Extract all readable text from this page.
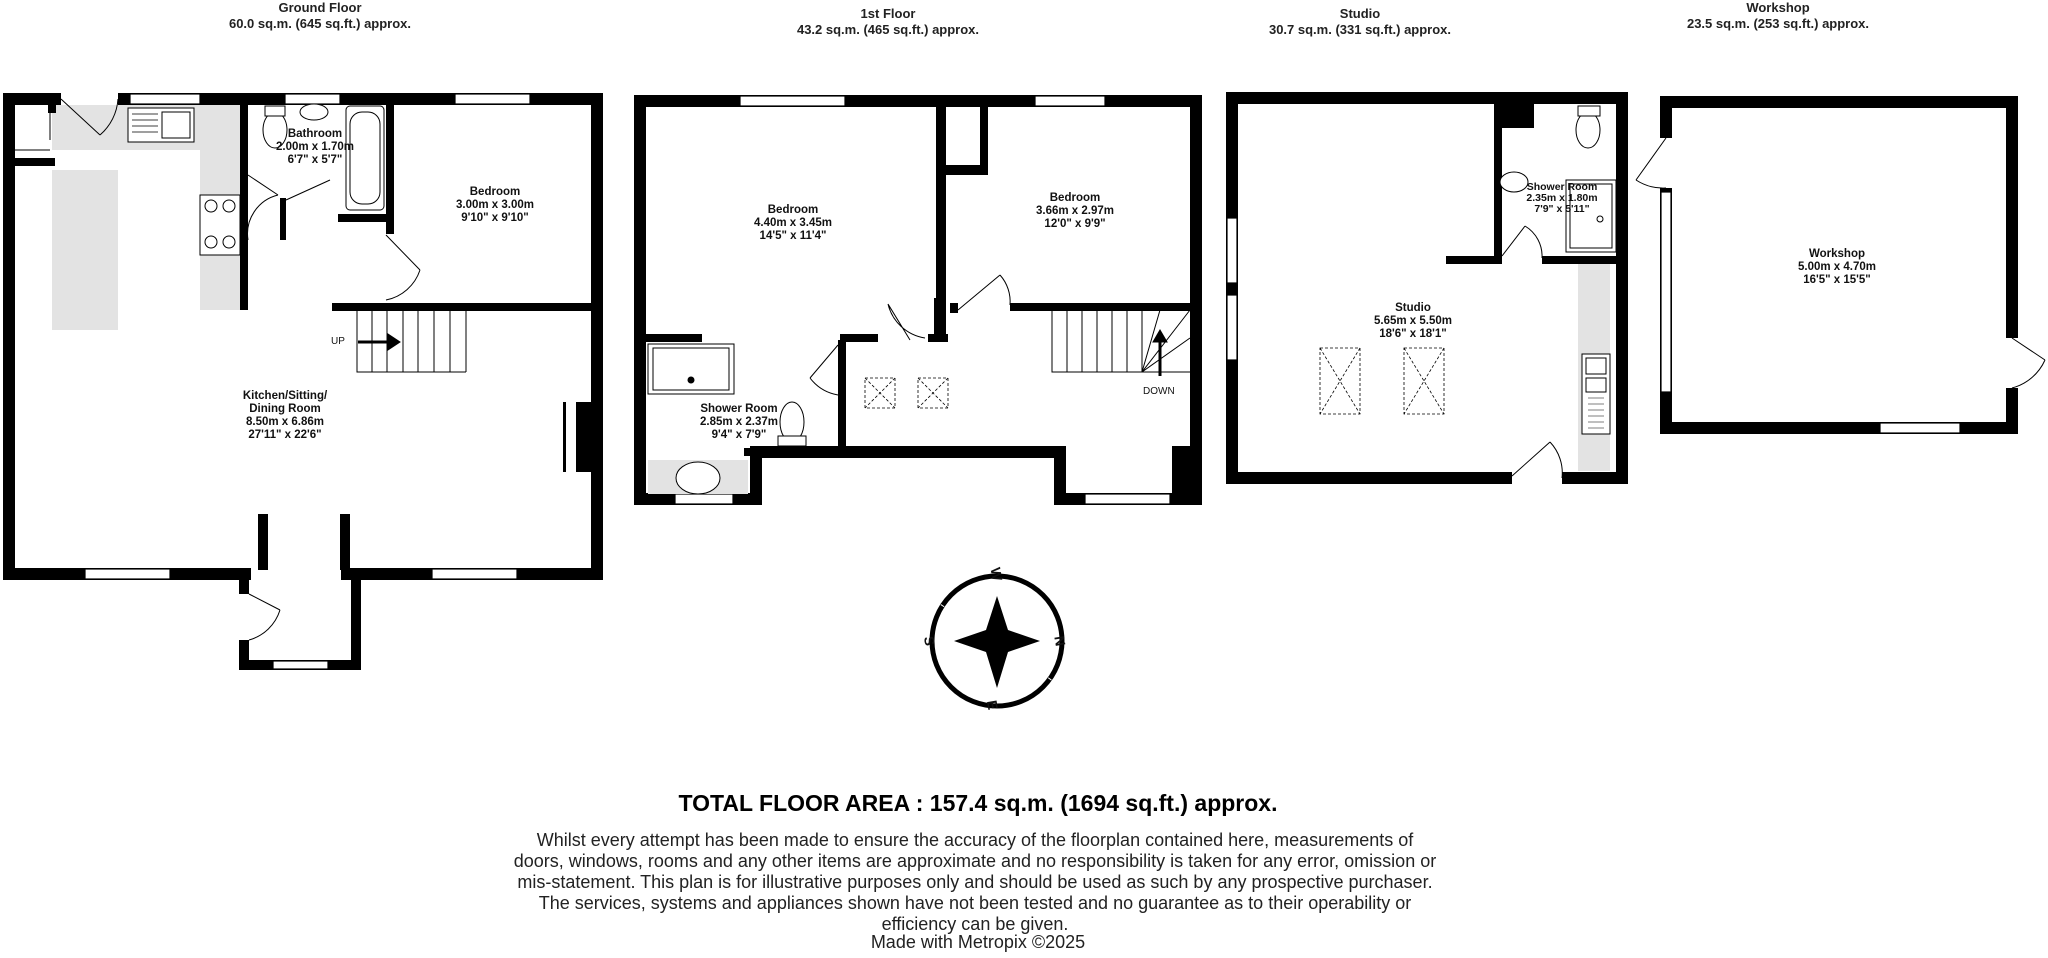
Ground Floor
60.0 sq.m. (645 sq.ft.) approx.
1st Floor
43.2 sq.m. (465 sq.ft.) approx.
Studio
30.7 sq.m. (331 sq.ft.) approx.
Workshop
23.5 sq.m. (253 sq.ft.) approx.
Bathroom
2.00m x 1.70m
6'7" x 5'7"
Bedroom
3.00m x 3.00m
9'10" x 9'10"
Kitchen/Sitting/
Dining Room
8.50m x 6.86m
27'11" x 22'6"
Bedroom
4.40m x 3.45m
14'5" x 11'4"
Bedroom
3.66m x 2.97m
12'0" x 9'9"
Shower Room
2.85m x 2.37m
9'4" x 7'9"
Studio
5.65m x 5.50m
18'6" x 18'1"
Shower Room
2.35m x 1.80m
7'9" x 5'11"
Workshop
5.00m x 4.70m
16'5" x 15'5"
UP
DOWN
W
N
E
S
TOTAL FLOOR AREA : 157.4 sq.m. (1694 sq.ft.) approx.
Whilst every attempt has been made to ensure the accuracy of the floorplan contained here, measurements of doors, windows, rooms and any other items are approximate and no responsibility is taken for any error, omission or mis-statement. This plan is for illustrative purposes only and should be used as such by any prospective purchaser. The services, systems and appliances shown have not been tested and no guarantee as to their operability or efficiency can be given.
Made with Metropix ©2025
